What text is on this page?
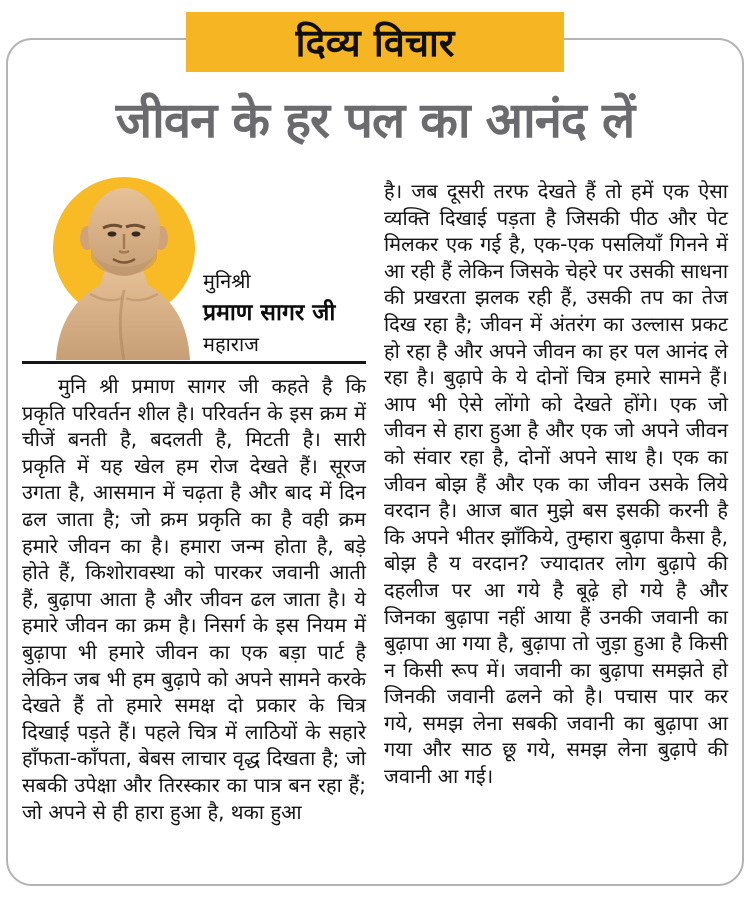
दिव्य विचार
जीवन के हर पल का आनंद लें
मुनिश्री
प्रमाण सागर जी
महाराज

मुनि श्री प्रमाण सागर जी कहते है कि प्रकृति परिवर्तन शील है। परिवर्तन के इस क्रम में चीजें बनती है, बदलती है, मिटती है। सारी प्रकृति में यह खेल हम रोज देखते हैं। सूरज उगता है, आसमान में चढ़ता है और बाद में दिन ढल जाता है; जो क्रम प्रकृति का है वही क्रम हमारे जीवन का है। हमारा जन्म होता है, बड़े होते हैं, किशोरावस्था को पारकर जवानी आती हैं, बुढ़ापा आता है और जीवन ढल जाता है। ये हमारे जीवन का क्रम है। निसर्ग के इस नियम में बुढ़ापा भी हमारे जीवन का एक बड़ा पार्ट है लेकिन जब भी हम बुढ़ापे को अपने सामने करके देखते हैं तो हमारे समक्ष दो प्रकार के चित्र दिखाई पड़ते हैं। पहले चित्र में लाठियों के सहारे हाँफता-काँपता, बेबस लाचार वृद्ध दिखता है; जो सबकी उपेक्षा और तिरस्कार का पात्र बन रहा हैं; जो अपने से ही हारा हुआ है, थका हुआ

है। जब दूसरी तरफ देखते हैं तो हमें एक ऐसा व्यक्ति दिखाई पड़ता है जिसकी पीठ और पेट मिलकर एक गई है, एक-एक पसलियाँ गिनने में आ रही हैं लेकिन जिसके चेहरे पर उसकी साधना की प्रखरता झलक रही हैं, उसकी तप का तेज दिख रहा है; जीवन में अंतरंग का उल्लास प्रकट हो रहा है और अपने जीवन का हर पल आनंद ले रहा है। बुढ़ापे के ये दोनों चित्र हमारे सामने हैं। आप भी ऐसे लोंगो को देखते होंगे। एक जो जीवन से हारा हुआ है और एक जो अपने जीवन को संवार रहा है, दोनों अपने साथ है। एक का जीवन बोझ हैं और एक का जीवन उसके लिये वरदान है। आज बात मुझे बस इसकी करनी है कि अपने भीतर झाँकिये, तुम्हारा बुढ़ापा कैसा है, बोझ है य वरदान? ज्यादातर लोग बुढ़ापे की दहलीज पर आ गये है बूढ़े हो गये है और जिनका बुढ़ापा नहीं आया हैं उनकी जवानी का बुढ़ापा आ गया है, बुढ़ापा तो जुड़ा हुआ है किसी न किसी रूप में। जवानी का बुढ़ापा समझते हो जिनकी जवानी ढलने को है। पचास पार कर गये, समझ लेना सबकी जवानी का बुढ़ापा आ गया और साठ छू गये, समझ लेना बुढ़ापे की जवानी आ गई।
